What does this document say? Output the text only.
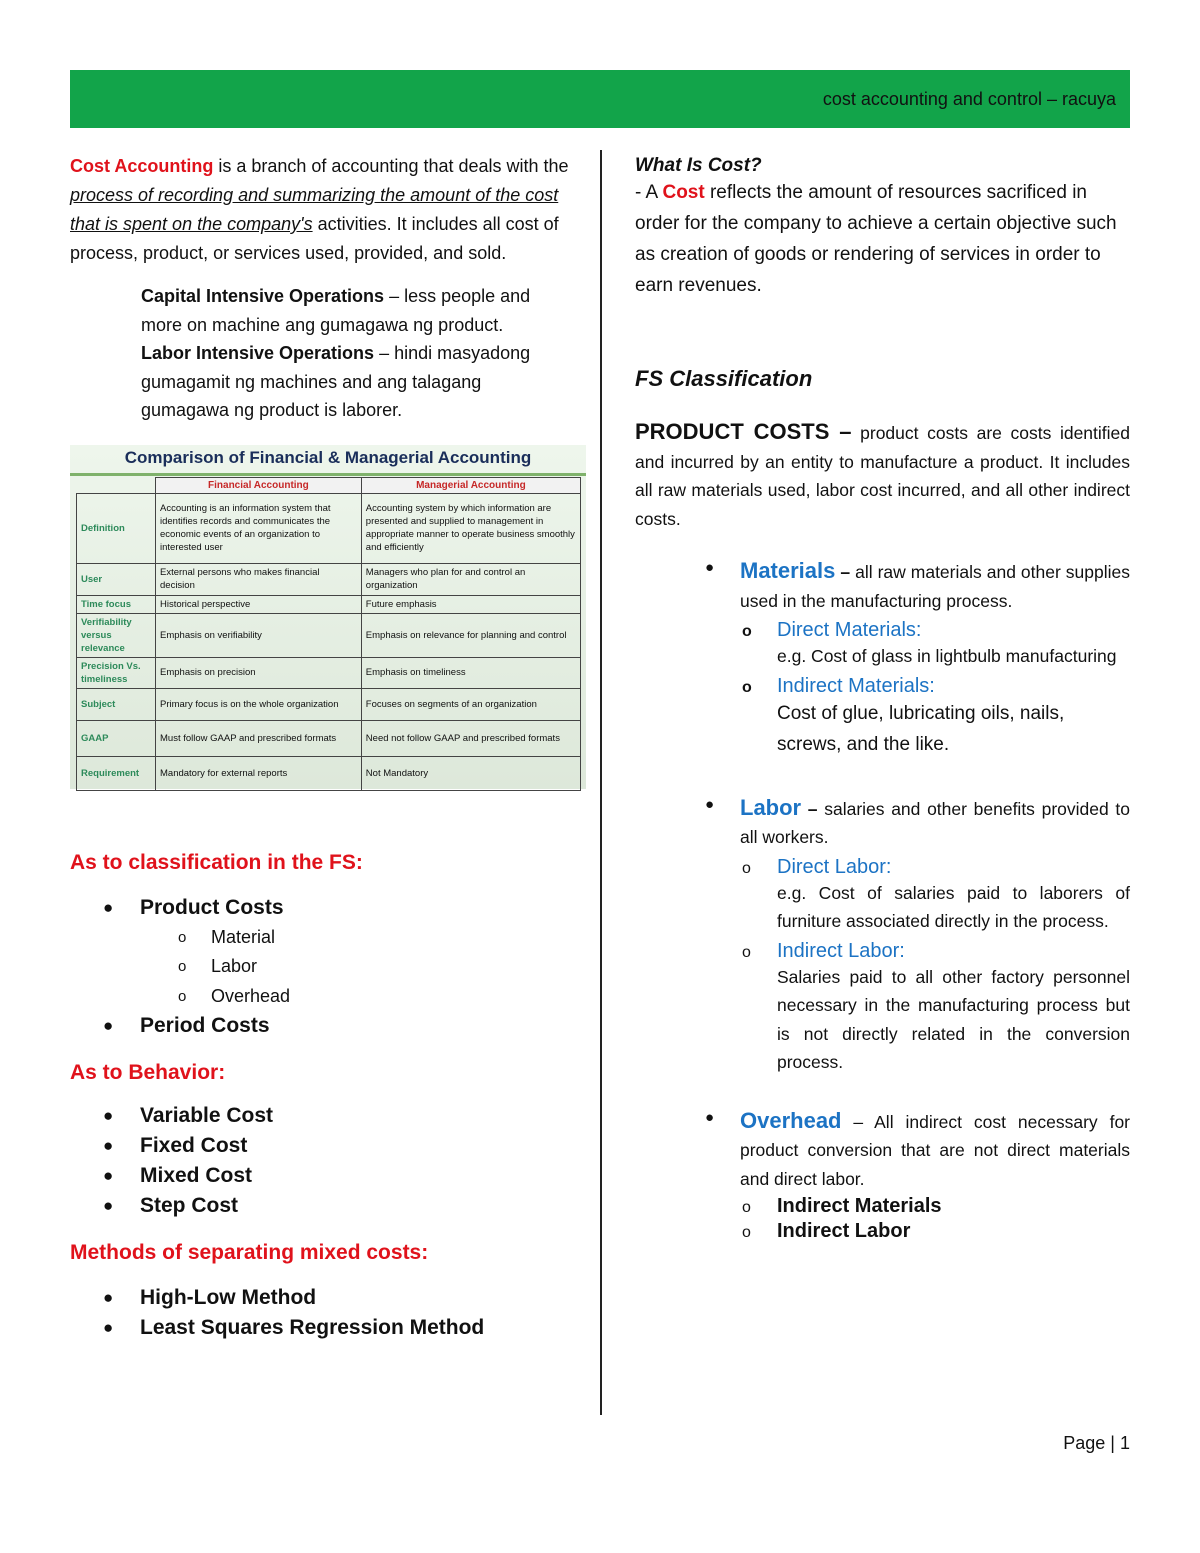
cost accounting and control – racuya

Cost Accounting is a branch of accounting that deals with the process of recording and summarizing the amount of the cost that is spent on the company's activities. It includes all cost of process, product, or services used, provided, and sold.

Capital Intensive Operations – less people and more on machine ang gumagawa ng product.

Labor Intensive Operations – hindi masyadong gumagamit ng machines and ang talagang gumagawa ng product is laborer.

Comparison of Financial & Managerial Accounting
	Financial Accounting	Managerial Accounting
Definition	Accounting is an information system that identifies records and communicates the economic events of an organization to interested user	Accounting system by which information are presented and supplied to management in appropriate manner to operate business smoothly and efficiently
User	External persons who makes financial decision	Managers who plan for and control an organization
Time focus	Historical perspective	Future emphasis
Verifiability versus relevance	Emphasis on verifiability	Emphasis on relevance for planning and control
Precision Vs. timeliness	Emphasis on precision	Emphasis on timeliness
Subject	Primary focus is on the whole organization	Focuses on segments of an organization
GAAP	Must follow GAAP and prescribed formats	Need not follow GAAP and prescribed formats
Requirement	Mandatory for external reports	Not Mandatory

As to classification in the FS:

● Product Costs
o Material
o Labor
o Overhead
● Period Costs

As to Behavior:

● Variable Cost
● Fixed Cost
● Mixed Cost
● Step Cost

Methods of separating mixed costs:

● High-Low Method
● Least Squares Regression Method

What Is Cost?

- A Cost reflects the amount of resources sacrificed in order for the company to achieve a certain objective such as creation of goods or rendering of services in order to earn revenues.

FS Classification

PRODUCT COSTS – product costs are costs identified and incurred by an entity to manufacture a product. It includes all raw materials used, labor cost incurred, and all other indirect costs.

● Materials – all raw materials and other supplies used in the manufacturing process.

o Direct Materials:

e.g. Cost of glass in lightbulb manufacturing

o Indirect Materials:

Cost of glue, lubricating oils, nails, screws, and the like.

● Labor – salaries and other benefits provided to all workers.

o Direct Labor:

e.g. Cost of salaries paid to laborers of furniture associated directly in the process.

o Indirect Labor:

Salaries paid to all other factory personnel necessary in the manufacturing process but is not directly related in the conversion process.

● Overhead – All indirect cost necessary for product conversion that are not direct materials and direct labor.

o Indirect Materials

o Indirect Labor

Page | 1
